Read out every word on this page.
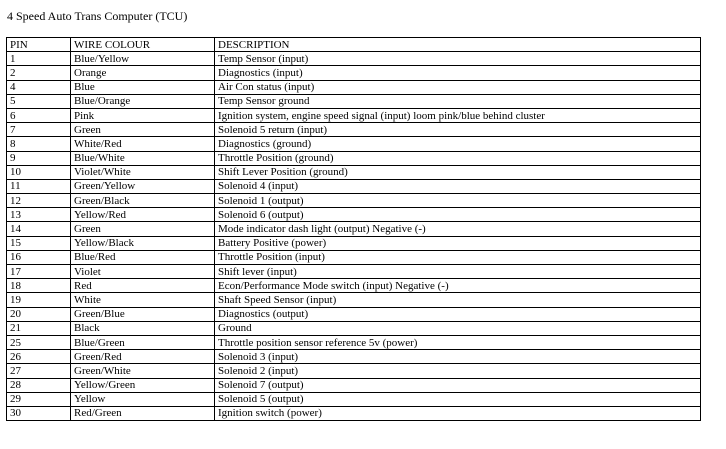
4 Speed Auto Trans Computer (TCU)
PIN	WIRE COLOUR	DESCRIPTION
1	Blue/Yellow	Temp Sensor (input)
2	Orange	Diagnostics (input)
4	Blue	Air Con status (input)
5	Blue/Orange	Temp Sensor ground
6	Pink	Ignition system, engine speed signal (input) loom pink/blue behind cluster
7	Green	Solenoid 5 return (input)
8	White/Red	Diagnostics (ground)
9	Blue/White	Throttle Position (ground)
10	Violet/White	Shift Lever Position (ground)
11	Green/Yellow	Solenoid 4 (input)
12	Green/Black	Solenoid 1 (output)
13	Yellow/Red	Solenoid 6 (output)
14	Green	Mode indicator dash light (output) Negative (-)
15	Yellow/Black	Battery Positive (power)
16	Blue/Red	Throttle Position (input)
17	Violet	Shift lever (input)
18	Red	Econ/Performance Mode switch (input) Negative (-)
19	White	Shaft Speed Sensor (input)
20	Green/Blue	Diagnostics (output)
21	Black	Ground
25	Blue/Green	Throttle position sensor reference 5v (power)
26	Green/Red	Solenoid 3 (input)
27	Green/White	Solenoid 2 (input)
28	Yellow/Green	Solenoid 7 (output)
29	Yellow	Solenoid 5 (output)
30	Red/Green	Ignition switch (power)
